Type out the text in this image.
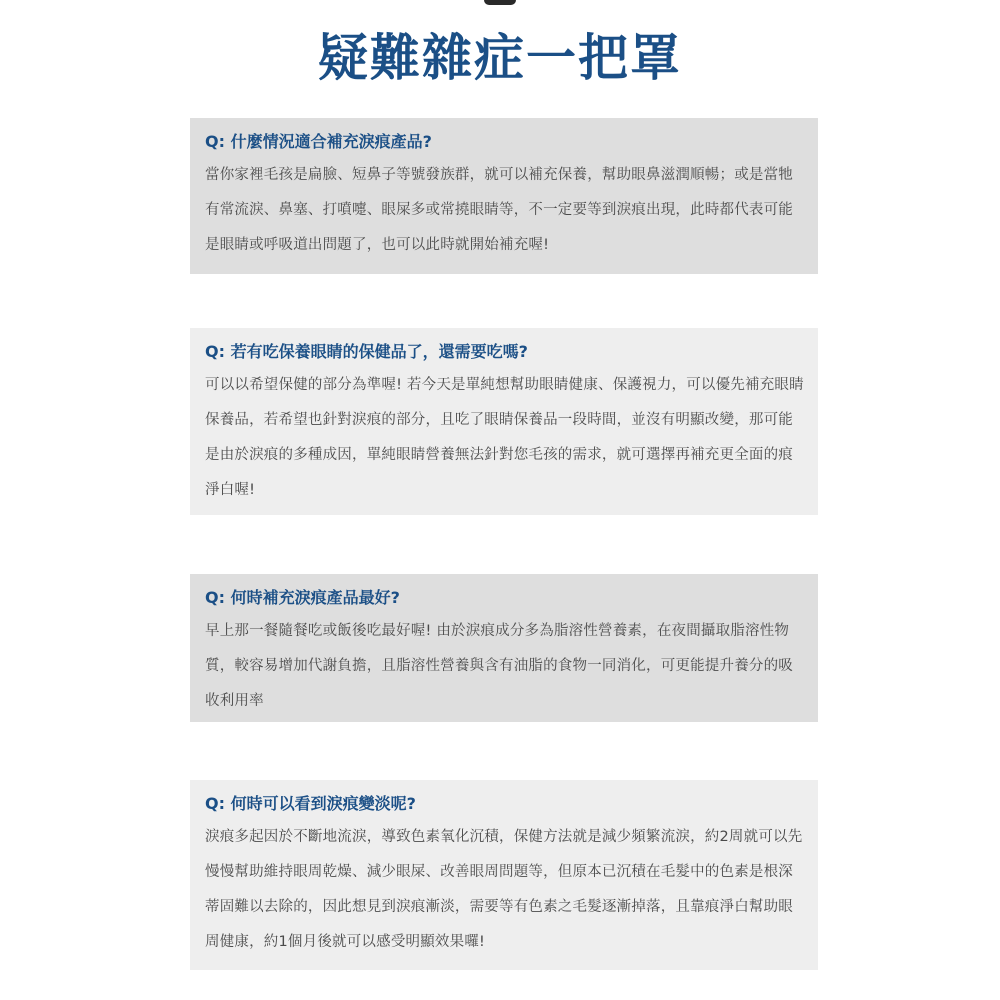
疑難雜症一把罩
Q: 什麼情況適合補充淚痕產品?
當你家裡毛孩是扁臉、短鼻子等號發族群，就可以補充保養，幫助眼鼻滋潤順暢；或是當牠有常流淚、鼻塞、打噴嚏、眼屎多或常撓眼睛等，不一定要等到淚痕出現，此時都代表可能是眼睛或呼吸道出問題了，也可以此時就開始補充喔!
Q: 若有吃保養眼睛的保健品了，還需要吃嗎?
可以以希望保健的部分為準喔! 若今天是單純想幫助眼睛健康、保護視力，可以優先補充眼睛保養品，若希望也針對淚痕的部分，且吃了眼睛保養品一段時間，並沒有明顯改變，那可能是由於淚痕的多種成因，單純眼睛營養無法針對您毛孩的需求，就可選擇再補充更全面的痕淨白喔!
Q: 何時補充淚痕產品最好?
早上那一餐隨餐吃或飯後吃最好喔! 由於淚痕成分多為脂溶性營養素，在夜間攝取脂溶性物質，較容易增加代謝負擔，且脂溶性營養與含有油脂的食物一同消化，可更能提升養分的吸收利用率
Q: 何時可以看到淚痕變淡呢?
淚痕多起因於不斷地流淚，導致色素氧化沉積，保健方法就是減少頻繁流淚，約2周就可以先慢慢幫助維持眼周乾燥、減少眼屎、改善眼周問題等，但原本已沉積在毛髮中的色素是根深蒂固難以去除的，因此想見到淚痕漸淡，需要等有色素之毛髮逐漸掉落，且靠痕淨白幫助眼周健康，約1個月後就可以感受明顯效果囉!
